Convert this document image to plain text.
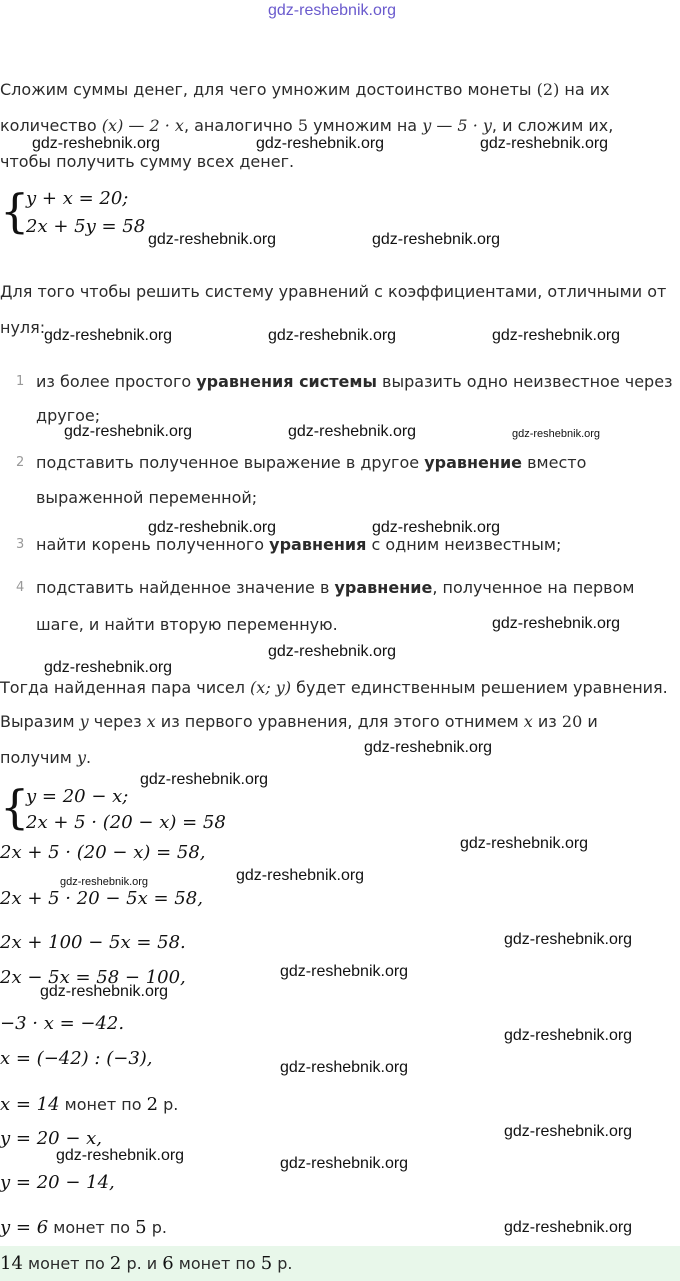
gdz-reshebnik.org
Сложим суммы денег, для чего умножим достоинство монеты (2) на их
количество (x) — 2 · x, аналогично 5 умножим на y — 5 · y, и сложим их,
чтобы получить сумму всех денег.
{
y + x = 20;
2x + 5y = 58
Для того чтобы решить систему уравнений с коэффициентами, отличными от
нуля:
1 из более простого уравнения системы выразить одно неизвестное через
другое;
2 подставить полученное выражение в другое уравнение вместо
выраженной переменной;
3 найти корень полученного уравнения с одним неизвестным;
4 подставить найденное значение в уравнение, полученное на первом
шаге, и найти вторую переменную.
Тогда найденная пара чисел (x; y) будет единственным решением уравнения.
Выразим y через x из первого уравнения, для этого отнимем x из 20 и
получим y.
{
y = 20 − x;
2x + 5 · (20 − x) = 58
2x + 5 · (20 − x) = 58,
2x + 5 · 20 − 5x = 58,
2x + 100 − 5x = 58.
2x − 5x = 58 − 100,
−3 · x = −42.
x = (−42) : (−3),
x = 14 монет по 2 р.
y = 20 − x,
y = 20 − 14,
y = 6 монет по 5 р.
14 монет по 2 р. и 6 монет по 5 р.
gdz-reshebnik.org	gdz-reshebnik.org	gdz-reshebnik.org
gdz-reshebnik.org	gdz-reshebnik.org
gdz-reshebnik.org	gdz-reshebnik.org	gdz-reshebnik.org
gdz-reshebnik.org	gdz-reshebnik.org	gdz-reshebnik.org
gdz-reshebnik.org	gdz-reshebnik.org
gdz-reshebnik.org
gdz-reshebnik.org
gdz-reshebnik.org
gdz-reshebnik.org
gdz-reshebnik.org
gdz-reshebnik.org
gdz-reshebnik.org
gdz-reshebnik.org
gdz-reshebnik.org
gdz-reshebnik.org
gdz-reshebnik.org
gdz-reshebnik.org
gdz-reshebnik.org
gdz-reshebnik.org
gdz-reshebnik.org	gdz-reshebnik.org
gdz-reshebnik.org
